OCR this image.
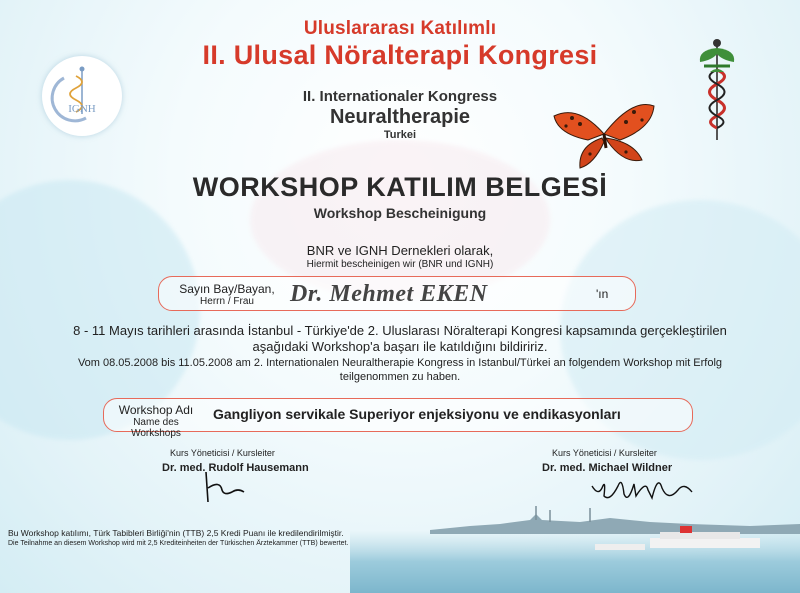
IGNH
Uluslararası Katılımlı
II. Ulusal Nöralterapi Kongresi
II. Internationaler Kongress
Neuraltherapie
Turkei
WORKSHOP KATILIM BELGESİ
Workshop Bescheinigung
BNR ve IGNH Dernekleri olarak,
Hiermit bescheinigen wir (BNR und IGNH)
Sayın Bay/Bayan,
Herrn / Frau	Dr. Mehmet EKEN	'ın
8 - 11 Mayıs tarihleri arasında İstanbul - Türkiye'de 2. Uluslarası Nöralterapi Kongresi kapsamında gerçekleştirilen
aşağıdaki Workshop'a başarı ile katıldığını bildiririz.
Vom 08.05.2008 bis 11.05.2008 am 2. Internationalen Neuraltherapie Kongress in Istanbul/Türkei an folgendem Workshop mit Erfolg
teilgenommen zu haben.
Workshop Adı
Name des Workshops
Gangliyon servikale Superiyor enjeksiyonu ve endikasyonları
Kurs Yöneticisi / Kursleiter
Dr. med. Rudolf Hausemann
Kurs Yöneticisi / Kursleiter
Dr. med. Michael Wildner
Bu Workshop katılımı, Türk Tabibleri Birliği'nin (TTB) 2,5 Kredi Puanı ile kredilendirilmiştir.
Die Teilnahme an diesem Workshop wird mit 2,5 Krediteinheiten der Türkischen Ärztekammer (TTB) bewertet.
